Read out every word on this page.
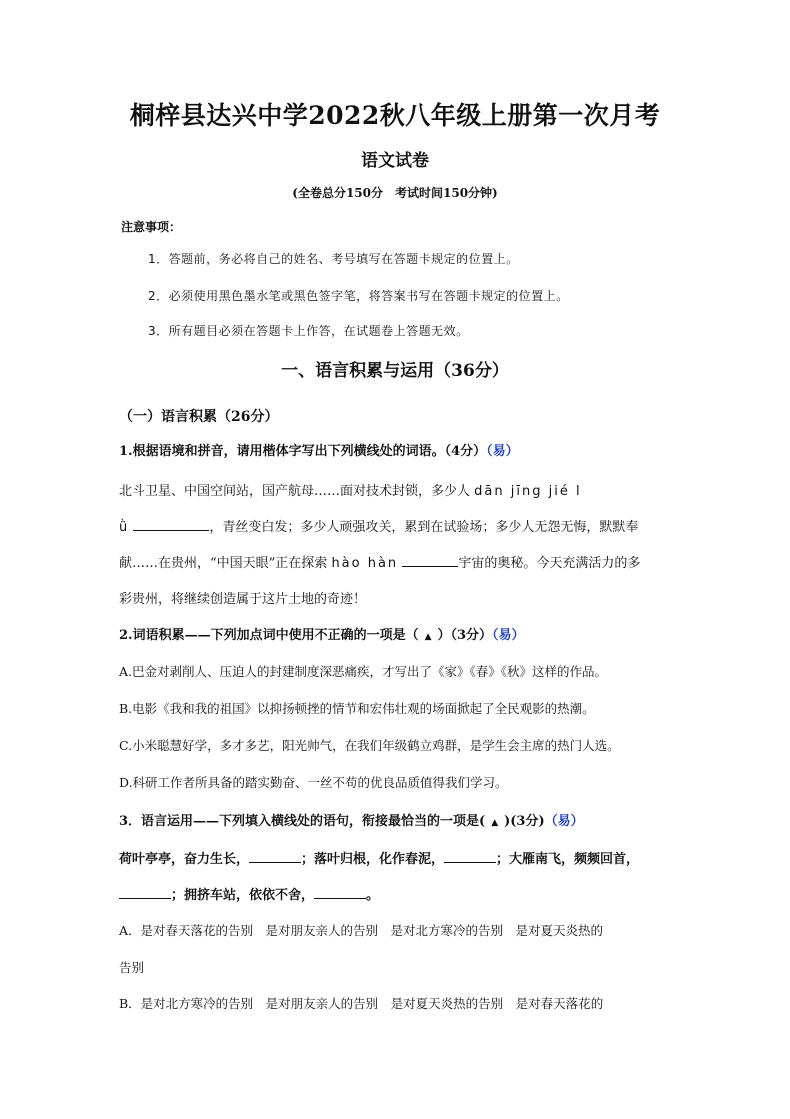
桐梓县达兴中学2022秋八年级上册第一次月考
语文试卷
(全卷总分150分　考试时间150分钟)
注意事项：
1．答题前，务必将自己的姓名、考号填写在答题卡规定的位置上。
2．必须使用黑色墨水笔或黑色签字笔，将答案书写在答题卡规定的位置上。
3．所有题目必须在答题卡上作答，在试题卷上答题无效。
一、语言积累与运用（36分）
（一）语言积累（26分）
1.根据语境和拼音，请用楷体字写出下列横线处的词语。（4分）（易）
北斗卫星、中国空间站，国产航母……面对技术封锁，多少人 dān jīng jié l
ǜ	，青丝变白发；多少人顽强攻关，累到在试验场；多少人无怨无悔，默默奉
献……在贵州，“中国天眼”正在探索 hào hàn	宇宙的奥秘。今天充满活力的多
彩贵州，将继续创造属于这片土地的奇迹！
2.词语积累——下列加点词中使用不正确的一项是（ ▲ ）（3分）（易）
A.巴金对剥削人、压迫人的封建制度深恶痛疾，才写出了《家》《春》《秋》这样的作品。
B.电影《我和我的祖国》以抑扬顿挫的情节和宏伟壮观的场面掀起了全民观影的热潮。
C.小米聪慧好学，多才多艺，阳光帅气，在我们年级鹤立鸡群，是学生会主席的热门人选。
D.科研工作者所具备的踏实勤奋、一丝不苟的优良品质值得我们学习。
3．语言运用——下列填入横线处的语句，衔接最恰当的一项是( ▲ )(3分)（易）
荷叶亭亭，奋力生长，	；落叶归根，化作春泥，	；大雁南飞，频频回首，
；拥挤车站，依依不舍，	。
A．是对春天落花的告别　是对朋友亲人的告别　是对北方寒冷的告别　是对夏天炎热的
告别
B．是对北方寒冷的告别　是对朋友亲人的告别　是对夏天炎热的告别　是对春天落花的
